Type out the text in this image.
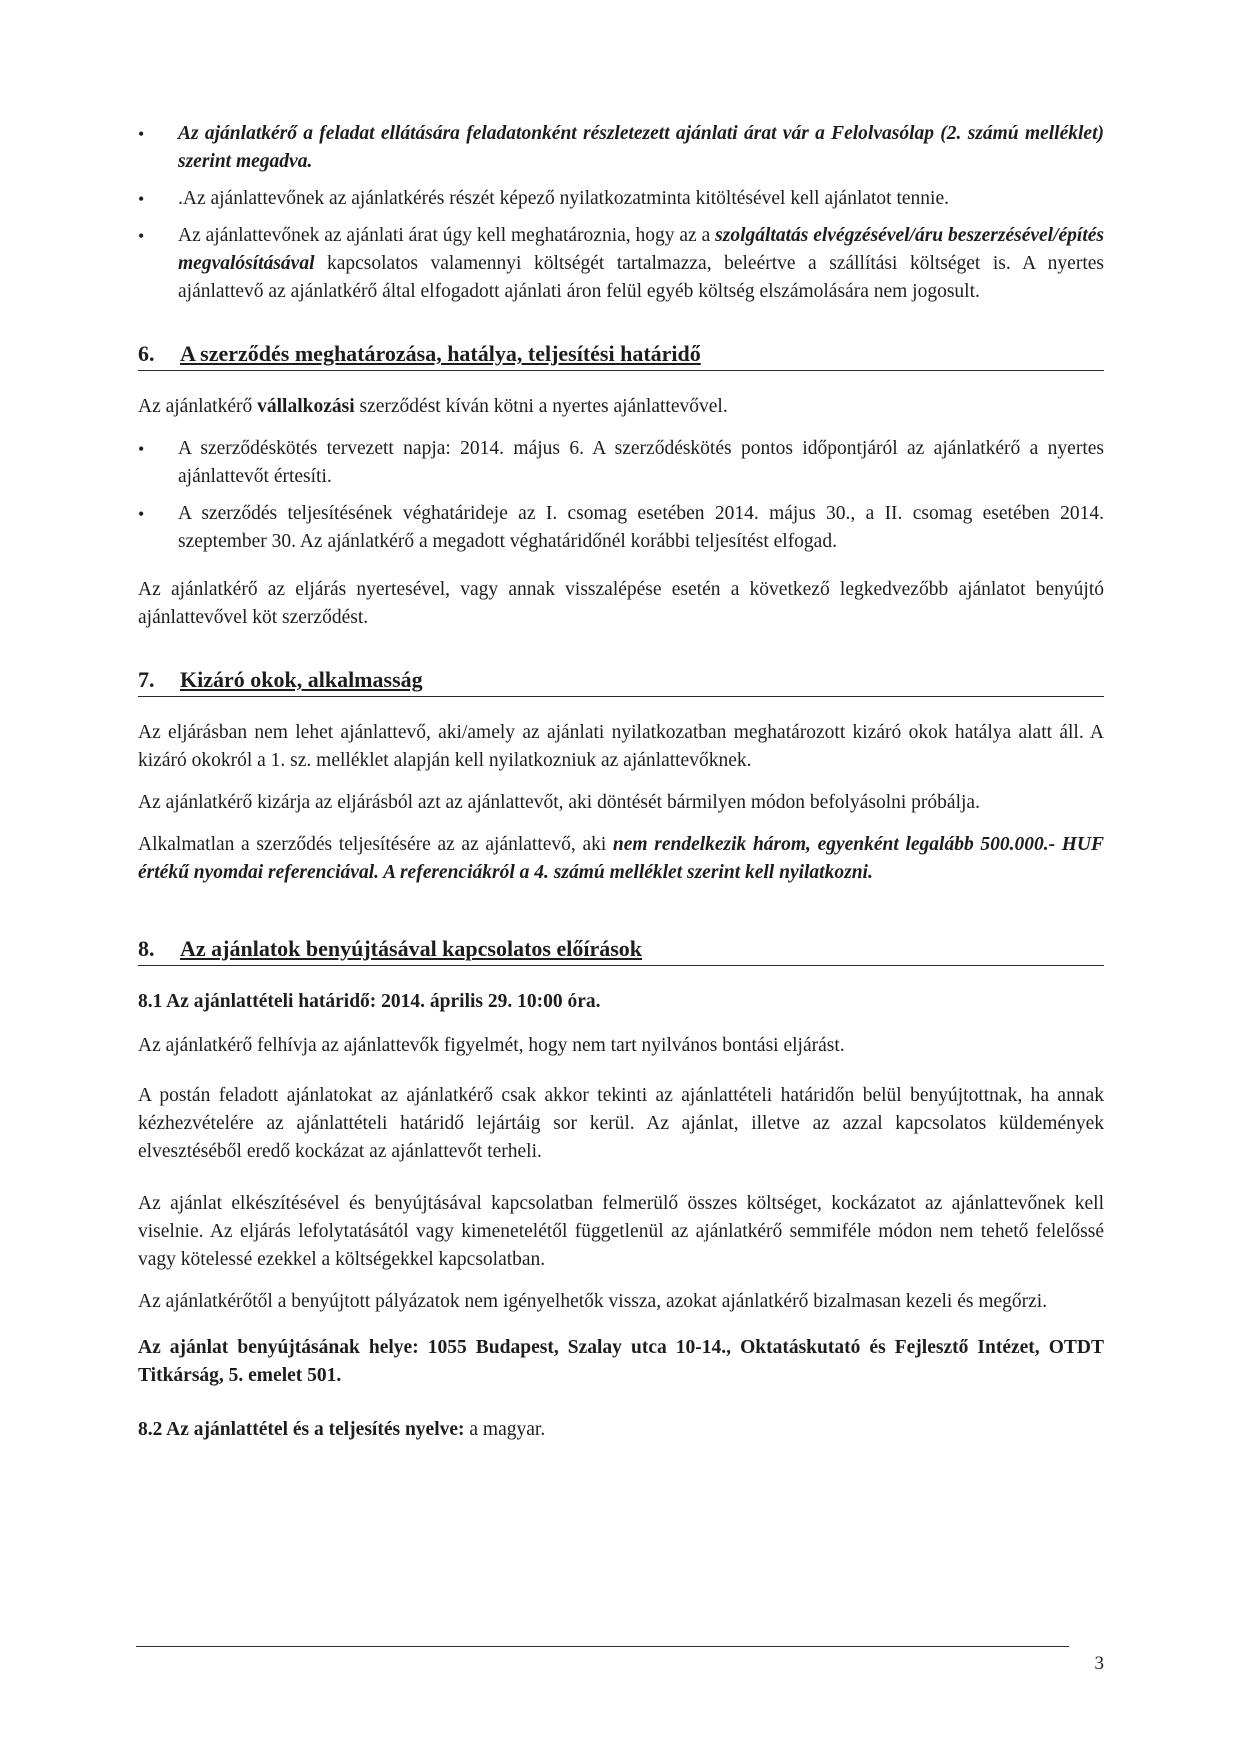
• Az ajánlatkérő a feladat ellátására feladatonként részletezett ajánlati árat vár a Felolvasólap (2. számú melléklet) szerint megadva.
• .Az ajánlattevőnek az ajánlatkérés részét képező nyilatkozatminta kitöltésével kell ajánlatot tennie.
• Az ajánlattevőnek az ajánlati árat úgy kell meghatároznia, hogy az a szolgáltatás elvégzésével/áru beszerzésével/építés megvalósításával kapcsolatos valamennyi költségét tartalmazza, beleértve a szállítási költséget is. A nyertes ajánlattevő az ajánlatkérő által elfogadott ajánlati áron felül egyéb költség elszámolására nem jogosult.
6. A szerződés meghatározása, hatálya, teljesítési határidő

Az ajánlatkérő vállalkozási szerződést kíván kötni a nyertes ajánlattevővel.

• A szerződéskötés tervezett napja: 2014. május 6. A szerződéskötés pontos időpontjáról az ajánlatkérő a nyertes ajánlattevőt értesíti.
• A szerződés teljesítésének véghatárideje az I. csomag esetében 2014. május 30., a II. csomag esetében 2014. szeptember 30. Az ajánlatkérő a megadott véghatáridőnél korábbi teljesítést elfogad.

Az ajánlatkérő az eljárás nyertesével, vagy annak visszalépése esetén a következő legkedvezőbb ajánlatot benyújtó ajánlattevővel köt szerződést.

7. Kizáró okok, alkalmasság

Az eljárásban nem lehet ajánlattevő, aki/amely az ajánlati nyilatkozatban meghatározott kizáró okok hatálya alatt áll. A kizáró okokról a 1. sz. melléklet alapján kell nyilatkozniuk az ajánlattevőknek.

Az ajánlatkérő kizárja az eljárásból azt az ajánlattevőt, aki döntését bármilyen módon befolyásolni próbálja.

Alkalmatlan a szerződés teljesítésére az az ajánlattevő, aki nem rendelkezik három, egyenként legalább 500.000.- HUF értékű nyomdai referenciával. A referenciákról a 4. számú melléklet szerint kell nyilatkozni.

8. Az ajánlatok benyújtásával kapcsolatos előírások
8.1 Az ajánlattételi határidő: 2014. április 29. 10:00 óra.

Az ajánlatkérő felhívja az ajánlattevők figyelmét, hogy nem tart nyilvános bontási eljárást.

A postán feladott ajánlatokat az ajánlatkérő csak akkor tekinti az ajánlattételi határidőn belül benyújtottnak, ha annak kézhezvételére az ajánlattételi határidő lejártáig sor kerül. Az ajánlat, illetve az azzal kapcsolatos küldemények elvesztéséből eredő kockázat az ajánlattevőt terheli.

Az ajánlat elkészítésével és benyújtásával kapcsolatban felmerülő összes költséget, kockázatot az ajánlattevőnek kell viselnie. Az eljárás lefolytatásától vagy kimenetelétől függetlenül az ajánlatkérő semmiféle módon nem tehető felelőssé vagy kötelessé ezekkel a költségekkel kapcsolatban.

Az ajánlatkérőtől a benyújtott pályázatok nem igényelhetők vissza, azokat ajánlatkérő bizalmasan kezeli és megőrzi.

Az ajánlat benyújtásának helye: 1055 Budapest, Szalay utca 10-14., Oktatáskutató és Fejlesztő Intézet, OTDT Titkárság, 5. emelet 501.

8.2 Az ajánlattétel és a teljesítés nyelve: a magyar.

3
